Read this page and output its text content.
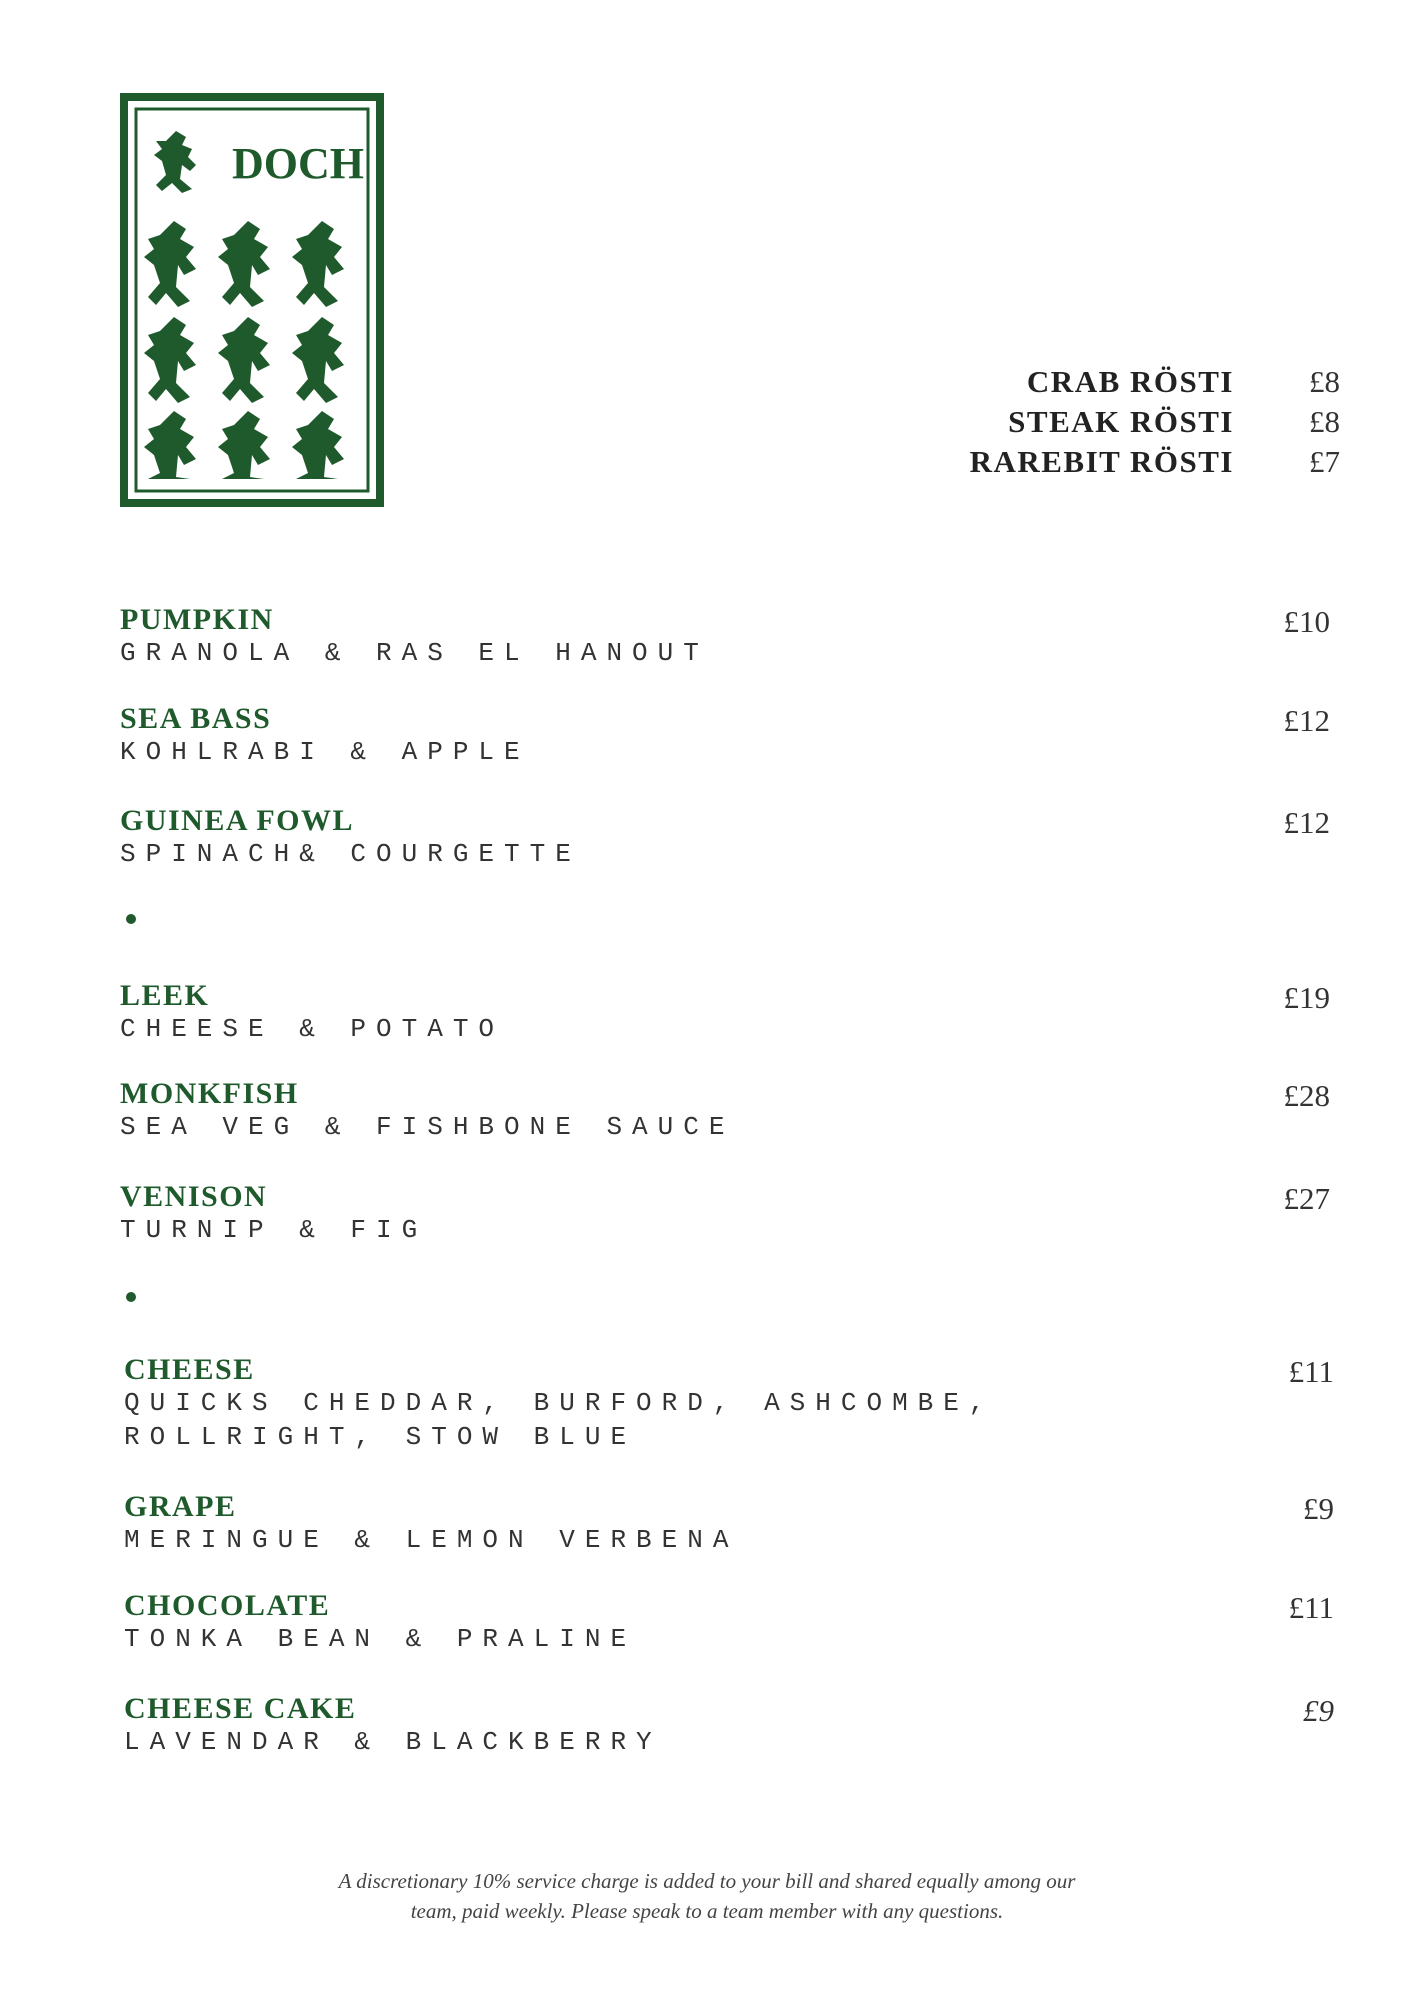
DOCH
CRAB RÖSTI £8
STEAK RÖSTI £8
RAREBIT RÖSTI £7
PUMPKIN
GRANOLA & RAS EL HANOUT
£10
SEA BASS
KOHLRABI & APPLE
£12
GUINEA FOWL
SPINACH& COURGETTE
£12
LEEK
CHEESE & POTATO
£19
MONKFISH
SEA VEG & FISHBONE SAUCE
£28
VENISON
TURNIP & FIG
£27
CHEESE
QUICKS CHEDDAR, BURFORD, ASHCOMBE,
ROLLRIGHT, STOW BLUE
£11
GRAPE
MERINGUE & LEMON VERBENA
£9
CHOCOLATE
TONKA BEAN & PRALINE
£11
CHEESE CAKE
LAVENDAR & BLACKBERRY
£9
A discretionary 10% service charge is added to your bill and shared equally among our
team, paid weekly. Please speak to a team member with any questions.
